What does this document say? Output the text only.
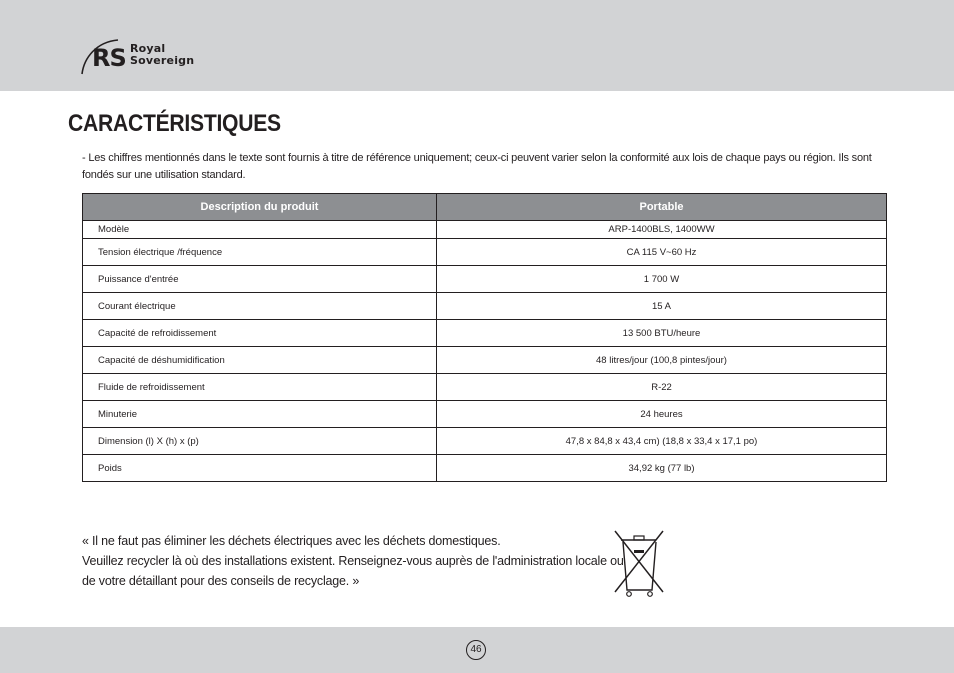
RS Royal
Sovereign
CARACTÉRISTIQUES
- Les chiffres mentionnés dans le texte sont fournis à titre de référence uniquement; ceux-ci peuvent varier selon la conformité aux lois de chaque pays ou région. Ils sont fondés sur une utilisation standard.
Description du produit	Portable
Modèle	ARP-1400BLS, 1400WW
Tension électrique /fréquence	CA 115 V~60 Hz
Puissance d'entrée	1 700 W
Courant électrique	15 A
Capacité de refroidissement	13 500 BTU/heure
Capacité de déshumidification	48 litres/jour (100,8 pintes/jour)
Fluide de refroidissement	R-22
Minuterie	24 heures
Dimension (l) X (h) x (p)	47,8 x 84,8 x 43,4 cm) (18,8 x 33,4 x 17,1 po)
Poids	34,92 kg (77 lb)
« Il ne faut pas éliminer les déchets électriques avec les déchets domestiques.
Veuillez recycler là où des installations existent. Renseignez-vous auprès de l'administration locale ou
de votre détaillant pour des conseils de recyclage. »
46
